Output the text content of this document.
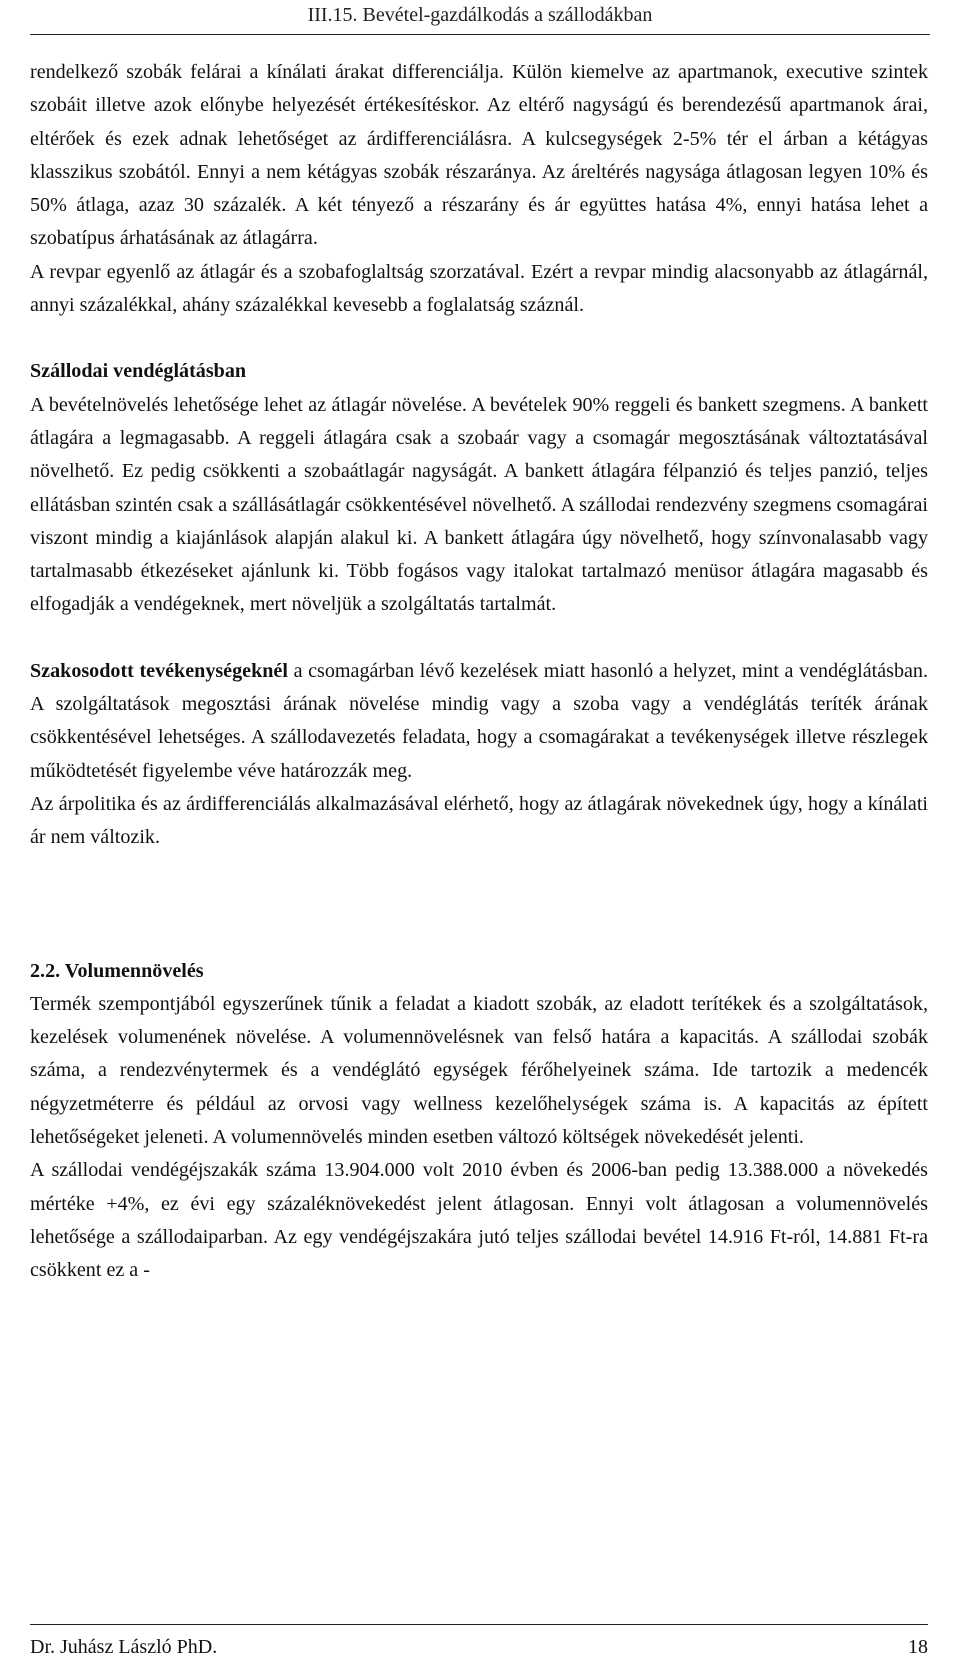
III.15. Bevétel-gazdálkodás a szállodákban

rendelkező szobák felárai a kínálati árakat differenciálja. Külön kiemelve az apartmanok, executive szintek szobáit illetve azok előnybe helyezését értékesítéskor. Az eltérő nagyságú és berendezésű apartmanok árai, eltérőek és ezek adnak lehetőséget az árdifferenciálásra. A kulcsegységek 2-5% tér el árban a kétágyas klasszikus szobától. Ennyi a nem kétágyas szobák részaránya. Az áreltérés nagysága átlagosan legyen 10% és 50% átlaga, azaz 30 százalék. A két tényező a részarány és ár együttes hatása 4%, ennyi hatása lehet a szobatípus árhatásának az átlagárra.

A revpar egyenlő az átlagár és a szobafoglaltság szorzatával. Ezért a revpar mindig alacsonyabb az átlagárnál, annyi százalékkal, ahány százalékkal kevesebb a foglalatság száznál.

Szállodai vendéglátásban

A bevételnövelés lehetősége lehet az átlagár növelése. A bevételek 90% reggeli és bankett szegmens. A bankett átlagára a legmagasabb. A reggeli átlagára csak a szobaár vagy a csomagár megosztásának változtatásával növelhető. Ez pedig csökkenti a szobaátlagár nagyságát. A bankett átlagára félpanzió és teljes panzió, teljes ellátásban szintén csak a szállásátlagár csökkentésével növelhető. A szállodai rendezvény szegmens csomagárai viszont mindig a kiajánlások alapján alakul ki. A bankett átlagára úgy növelhető, hogy színvonalasabb vagy tartalmasabb étkezéseket ajánlunk ki. Több fogásos vagy italokat tartalmazó menüsor átlagára magasabb és elfogadják a vendégeknek, mert növeljük a szolgáltatás tartalmát.

Szakosodott tevékenységeknél a csomagárban lévő kezelések miatt hasonló a helyzet, mint a vendéglátásban. A szolgáltatások megosztási árának növelése mindig vagy a szoba vagy a vendéglátás teríték árának csökkentésével lehetséges. A szállodavezetés feladata, hogy a csomagárakat a tevékenységek illetve részlegek működtetését figyelembe véve határozzák meg.

Az árpolitika és az árdifferenciálás alkalmazásával elérhető, hogy az átlagárak növekednek úgy, hogy a kínálati ár nem változik.

2.2. Volumennövelés

Termék szempontjából egyszerűnek tűnik a feladat a kiadott szobák, az eladott terítékek és a szolgáltatások, kezelések volumenének növelése. A volumennövelésnek van felső határa a kapacitás. A szállodai szobák száma, a rendezvénytermek és a vendéglátó egységek férőhelyeinek száma. Ide tartozik a medencék négyzetméterre és például az orvosi vagy wellness kezelőhelységek száma is. A kapacitás az épített lehetőségeket jeleneti. A volumennövelés minden esetben változó költségek növekedését jelenti.

A szállodai vendégéjszakák száma 13.904.000 volt 2010 évben és 2006-ban pedig 13.388.000 a növekedés mértéke +4%, ez évi egy százaléknövekedést jelent átlagosan. Ennyi volt átlagosan a volumennövelés lehetősége a szállodaiparban. Az egy vendégéjszakára jutó teljes szállodai bevétel 14.916 Ft-ról, 14.881 Ft-ra csökkent ez a -

Dr. Juhász László PhD.	18
